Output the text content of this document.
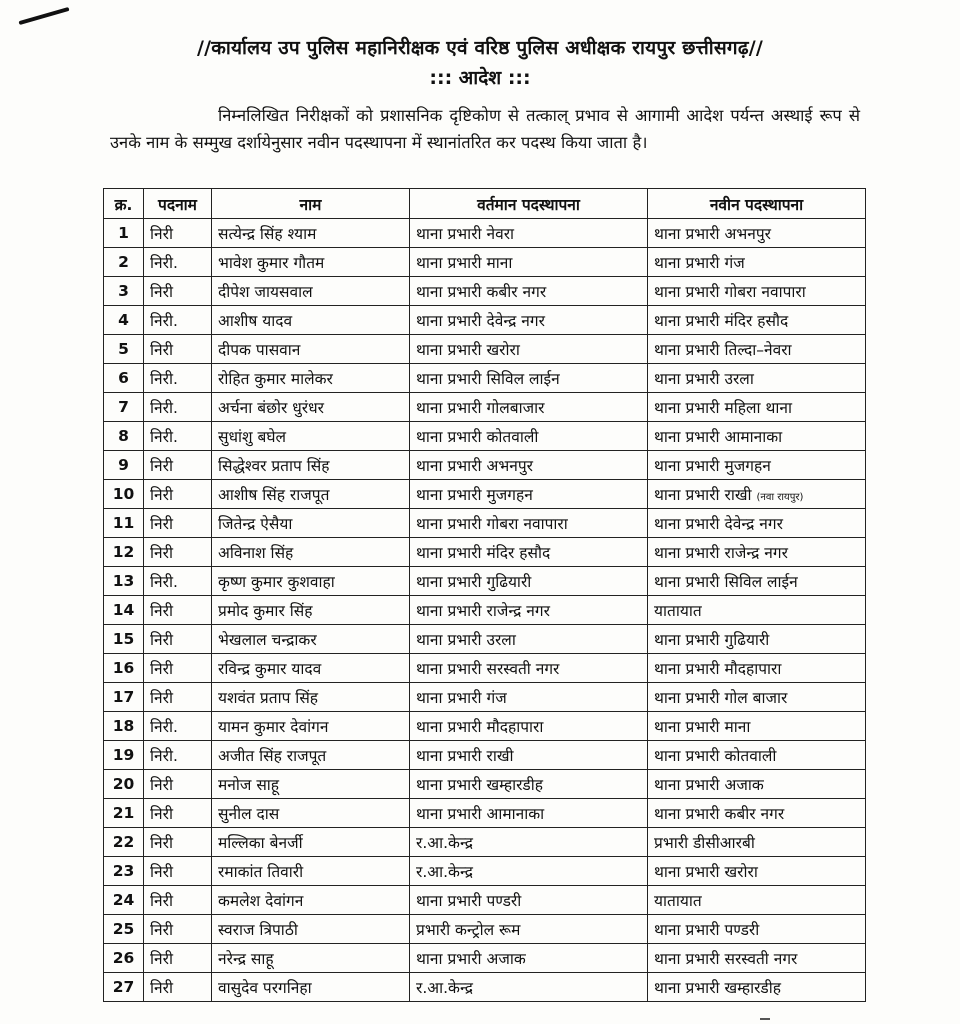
//कार्यालय उप पुलिस महानिरीक्षक एवं वरिष्ठ पुलिस अधीक्षक रायपुर छत्तीसगढ़//
::: आदेश :::
निम्नलिखित निरीक्षकों को प्रशासनिक दृष्टिकोण से तत्काल् प्रभाव से आगामी आदेश पर्यन्त अस्थाई रूप से उनके नाम के सम्मुख दर्शायेनुसार नवीन पदस्थापना में स्थानांतरित कर पदस्थ किया जाता है।
क्र.	पदनाम	नाम	वर्तमान पदस्थापना	नवीन पदस्थापना
1	निरी	सत्येन्द्र सिंह श्याम	थाना प्रभारी नेवरा	थाना प्रभारी अभनपुर
2	निरी.	भावेश कुमार गौतम	थाना प्रभारी माना	थाना प्रभारी गंज
3	निरी	दीपेश जायसवाल	थाना प्रभारी कबीर नगर	थाना प्रभारी गोबरा नवापारा
4	निरी.	आशीष यादव	थाना प्रभारी देवेन्द्र नगर	थाना प्रभारी मंदिर हसौद
5	निरी	दीपक पासवान	थाना प्रभारी खरोरा	थाना प्रभारी तिल्दा–नेवरा
6	निरी.	रोहित कुमार मालेकर	थाना प्रभारी सिविल लाईन	थाना प्रभारी उरला
7	निरी.	अर्चना बंछोर धुरंधर	थाना प्रभारी गोलबाजार	थाना प्रभारी महिला थाना
8	निरी.	सुधांशु बघेल	थाना प्रभारी कोतवाली	थाना प्रभारी आमानाका
9	निरी	सिद्धेश्वर प्रताप सिंह	थाना प्रभारी अभनपुर	थाना प्रभारी मुजगहन
10	निरी	आशीष सिंह राजपूत	थाना प्रभारी मुजगहन	थाना प्रभारी राखी (नवा रायपुर)
11	निरी	जितेन्द्र ऐसैया	थाना प्रभारी गोबरा नवापारा	थाना प्रभारी देवेन्द्र नगर
12	निरी	अविनाश सिंह	थाना प्रभारी मंदिर हसौद	थाना प्रभारी राजेन्द्र नगर
13	निरी.	कृष्ण कुमार कुशवाहा	थाना प्रभारी गुढियारी	थाना प्रभारी सिविल लाईन
14	निरी	प्रमोद कुमार सिंह	थाना प्रभारी राजेन्द्र नगर	यातायात
15	निरी	भेखलाल चन्द्राकर	थाना प्रभारी उरला	थाना प्रभारी गुढियारी
16	निरी	रविन्द्र कुमार यादव	थाना प्रभारी सरस्वती नगर	थाना प्रभारी मौदहापारा
17	निरी	यशवंत प्रताप सिंह	थाना प्रभारी गंज	थाना प्रभारी गोल बाजार
18	निरी.	यामन कुमार देवांगन	थाना प्रभारी मौदहापारा	थाना प्रभारी माना
19	निरी.	अजीत सिंह राजपूत	थाना प्रभारी राखी	थाना प्रभारी कोतवाली
20	निरी	मनोज साहू	थाना प्रभारी खम्हारडीह	थाना प्रभारी अजाक
21	निरी	सुनील दास	थाना प्रभारी आमानाका	थाना प्रभारी कबीर नगर
22	निरी	मल्लिका बेनर्जी	र.आ.केन्द्र	प्रभारी डीसीआरबी
23	निरी	रमाकांत तिवारी	र.आ.केन्द्र	थाना प्रभारी खरोरा
24	निरी	कमलेश देवांगन	थाना प्रभारी पण्डरी	यातायात
25	निरी	स्वराज त्रिपाठी	प्रभारी कन्ट्रोल रूम	थाना प्रभारी पण्डरी
26	निरी	नरेन्द्र साहू	थाना प्रभारी अजाक	थाना प्रभारी सरस्वती नगर
27	निरी	वासुदेव परगनिहा	र.आ.केन्द्र	थाना प्रभारी खम्हारडीह
